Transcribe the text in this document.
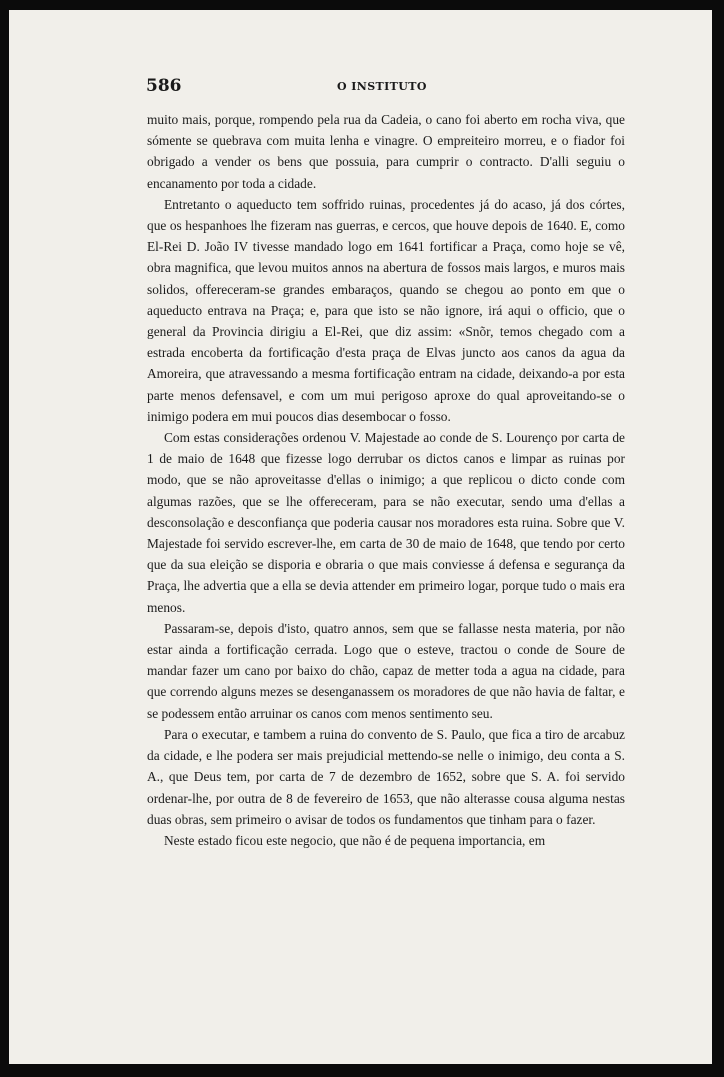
586	O INSTITUTO

muito mais, porque, rompendo pela rua da Cadeia, o cano foi aberto em rocha viva, que sómente se quebrava com muita lenha e vinagre. O empreiteiro morreu, e o fiador foi obrigado a vender os bens que possuia, para cumprir o contracto. D'alli seguiu o encanamento por toda a cidade.

Entretanto o aqueducto tem soffrido ruinas, procedentes já do acaso, já dos córtes, que os hespanhoes lhe fizeram nas guerras, e cercos, que houve depois de 1640. E, como El-Rei D. João IV tivesse mandado logo em 1641 fortificar a Praça, como hoje se vê, obra magnifica, que levou muitos annos na abertura de fossos mais largos, e muros mais solidos, offereceram-se grandes embaraços, quando se chegou ao ponto em que o aqueducto entrava na Praça; e, para que isto se não ignore, irá aqui o officio, que o general da Provincia dirigiu a El-Rei, que diz assim: «Snõr, temos chegado com a estrada encoberta da fortificação d'esta praça de Elvas juncto aos canos da agua da Amoreira, que atravessando a mesma fortificação entram na cidade, deixando-a por esta parte menos defensavel, e com um mui perigoso aproxe do qual aproveitando-se o inimigo podera em mui poucos dias desembocar o fosso.

Com estas considerações ordenou V. Majestade ao conde de S. Lourenço por carta de 1 de maio de 1648 que fizesse logo derrubar os dictos canos e limpar as ruinas por modo, que se não aproveitasse d'ellas o inimigo; a que replicou o dicto conde com algumas razões, que se lhe offereceram, para se não executar, sendo uma d'ellas a desconsolação e desconfiança que poderia causar nos moradores esta ruina. Sobre que V. Majestade foi servido escrever-lhe, em carta de 30 de maio de 1648, que tendo por certo que da sua eleição se disporia e obraria o que mais conviesse á defensa e segurança da Praça, lhe advertia que a ella se devia attender em primeiro logar, porque tudo o mais era menos.

Passaram-se, depois d'isto, quatro annos, sem que se fallasse nesta materia, por não estar ainda a fortificação cerrada. Logo que o esteve, tractou o conde de Soure de mandar fazer um cano por baixo do chão, capaz de metter toda a agua na cidade, para que correndo alguns mezes se desenganassem os moradores de que não havia de faltar, e se podessem então arruinar os canos com menos sentimento seu.

Para o executar, e tambem a ruina do convento de S. Paulo, que fica a tiro de arcabuz da cidade, e lhe podera ser mais prejudicial mettendo-se nelle o inimigo, deu conta a S. A., que Deus tem, por carta de 7 de dezembro de 1652, sobre que S. A. foi servido ordenar-lhe, por outra de 8 de fevereiro de 1653, que não alterasse cousa alguma nestas duas obras, sem primeiro o avisar de todos os fundamentos que tinham para o fazer.

Neste estado ficou este negocio, que não é de pequena importancia, em
